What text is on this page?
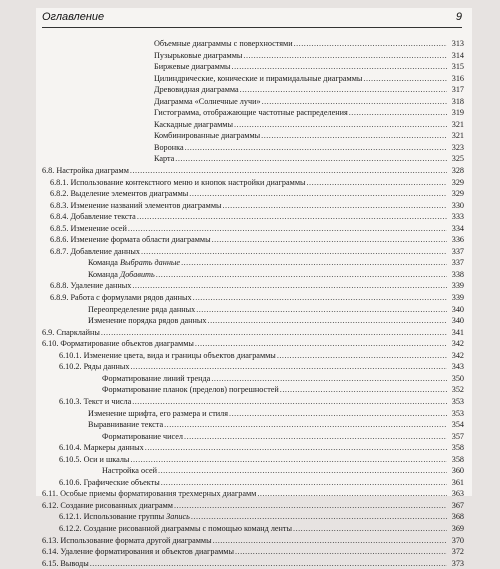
Оглавление	9
Объемные диаграммы с поверхностями .....	313
Пузырьковые диаграммы .....	314
Биржевые диаграммы .....	315
Цилиндрические, конические и пирамидальные диаграммы .....	316
Древовидная диаграмма .....	317
Диаграмма «Солнечные лучи» .....	318
Гистограмма, отображающие частотные распределения .....	319
Каскадные диаграммы .....	321
Комбинированные диаграммы .....	321
Воронка .....	323
Карта .....	325
6.8. Настройка диаграмм .....	328
6.8.1. Использование контекстного меню и кнопок настройки диаграммы .....	329
6.8.2. Выделение элементов диаграммы .....	329
6.8.3. Изменение названий элементов диаграммы .....	330
6.8.4. Добавление текста .....	333
6.8.5. Изменение осей .....	334
6.8.6. Изменение формата области диаграммы .....	336
6.8.7. Добавление данных .....	337
Команда Выбрать данные .....	337
Команда Добавить .....	338
6.8.8. Удаление данных .....	339
6.8.9. Работа с формулами рядов данных .....	339
Переопределение ряда данных .....	340
Изменение порядка рядов данных .....	340
6.9. Спарклайны .....	341
6.10. Форматирование объектов диаграммы .....	342
6.10.1. Изменение цвета, вида и границы объектов диаграммы .....	342
6.10.2. Ряды данных .....	343
Форматирование линий тренда .....	350
Форматирование планок (пределов) погрешностей .....	352
6.10.3. Текст и числа .....	353
Изменение шрифта, его размера и стиля .....	353
Выравнивание текста .....	354
Форматирование чисел .....	357
6.10.4. Маркеры данных .....	358
6.10.5. Оси и шкалы .....	358
Настройка осей .....	360
6.10.6. Графические объекты .....	361
6.11. Особые приемы форматирования трехмерных диаграмм .....	363
6.12. Создание рисованных диаграмм .....	367
6.12.1. Использование группы Запись .....	368
6.12.2. Создание рисованной диаграммы с помощью команд ленты .....	369
6.13. Использование формата другой диаграммы .....	370
6.14. Удаление форматирования и объектов диаграммы .....	372
6.15. Выводы .....	373
